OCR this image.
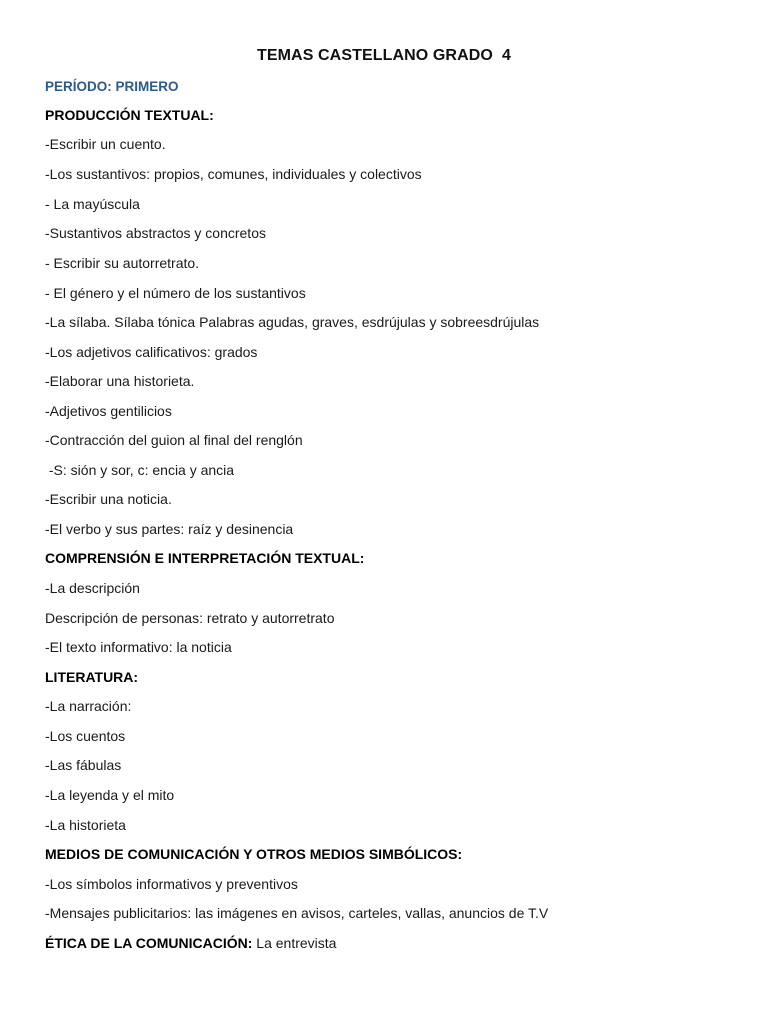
TEMAS CASTELLANO GRADO  4
PERÍODO: PRIMERO
PRODUCCIÓN TEXTUAL:
-Escribir un cuento.
-Los sustantivos: propios, comunes, individuales y colectivos
- La mayúscula
-Sustantivos abstractos y concretos
- Escribir su autorretrato.
- El género y el número de los sustantivos
-La sílaba. Sílaba tónica Palabras agudas, graves, esdrújulas y sobreesdrújulas
-Los adjetivos calificativos: grados
-Elaborar una historieta.
-Adjetivos gentilicios
-Contracción del guion al final del renglón
-S: sión y sor, c: encia y ancia
-Escribir una noticia.
-El verbo y sus partes: raíz y desinencia
COMPRENSIÓN E INTERPRETACIÓN TEXTUAL:
-La descripción
Descripción de personas: retrato y autorretrato
-El texto informativo: la noticia
LITERATURA:
-La narración:
-Los cuentos
-Las fábulas
-La leyenda y el mito
-La historieta
MEDIOS DE COMUNICACIÓN Y OTROS MEDIOS SIMBÓLICOS:
-Los símbolos informativos y preventivos
-Mensajes publicitarios: las imágenes en avisos, carteles, vallas, anuncios de T.V
ÉTICA DE LA COMUNICACIÓN: La entrevista
